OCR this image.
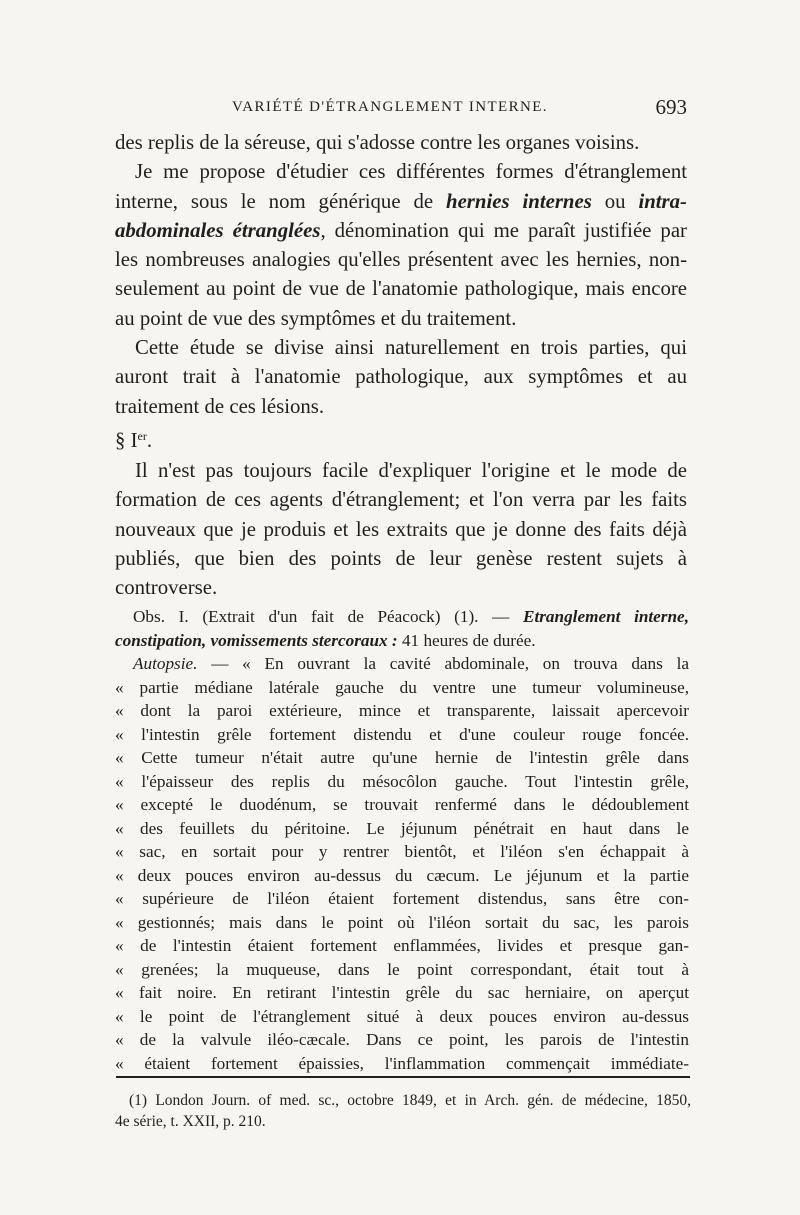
VARIÉTÉ D'ÉTRANGLEMENT INTERNE.	693

des replis de la séreuse, qui s'adosse contre les organes voisins.

Je me propose d'étudier ces différentes formes d'étranglement interne, sous le nom générique de hernies internes ou intra-abdominales étranglées, dénomination qui me paraît justifiée par les nombreuses analogies qu'elles présentent avec les hernies, non-seulement au point de vue de l'anatomie pathologique, mais encore au point de vue des symptômes et du traitement.

Cette étude se divise ainsi naturellement en trois parties, qui auront trait à l'anatomie pathologique, aux symptômes et au traitement de ces lésions.

§ Ier.

Il n'est pas toujours facile d'expliquer l'origine et le mode de formation de ces agents d'étranglement; et l'on verra par les faits nouveaux que je produis et les extraits que je donne des faits déjà publiés, que bien des points de leur genèse restent sujets à controverse.

Obs. I. (Extrait d'un fait de Péacock) (1). — Etranglement interne, constipation, vomissements stercoraux : 41 heures de durée.

Autopsie. — « En ouvrant la cavité abdominale, on trouva dans la
« partie médiane latérale gauche du ventre une tumeur volumineuse,
« dont la paroi extérieure, mince et transparente, laissait apercevoir
« l'intestin grêle fortement distendu et d'une couleur rouge foncée.
« Cette tumeur n'était autre qu'une hernie de l'intestin grêle dans
« l'épaisseur des replis du mésocôlon gauche. Tout l'intestin grêle,
« excepté le duodénum, se trouvait renfermé dans le dédoublement
« des feuillets du péritoine. Le jéjunum pénétrait en haut dans le
« sac, en sortait pour y rentrer bientôt, et l'iléon s'en échappait à
« deux pouces environ au-dessus du cæcum. Le jéjunum et la partie
« supérieure de l'iléon étaient fortement distendus, sans être con-
« gestionnés; mais dans le point où l'iléon sortait du sac, les parois
« de l'intestin étaient fortement enflammées, livides et presque gan-
« grenées; la muqueuse, dans le point correspondant, était tout à
« fait noire. En retirant l'intestin grêle du sac herniaire, on aperçut
« le point de l'étranglement situé à deux pouces environ au-dessus
« de la valvule iléo-cæcale. Dans ce point, les parois de l'intestin
« étaient fortement épaissies, l'inflammation commençait immédiate-
(1) London Journ. of med. sc., octobre 1849, et in Arch. gén. de médecine, 1850,
4e série, t. XXII, p. 210.
